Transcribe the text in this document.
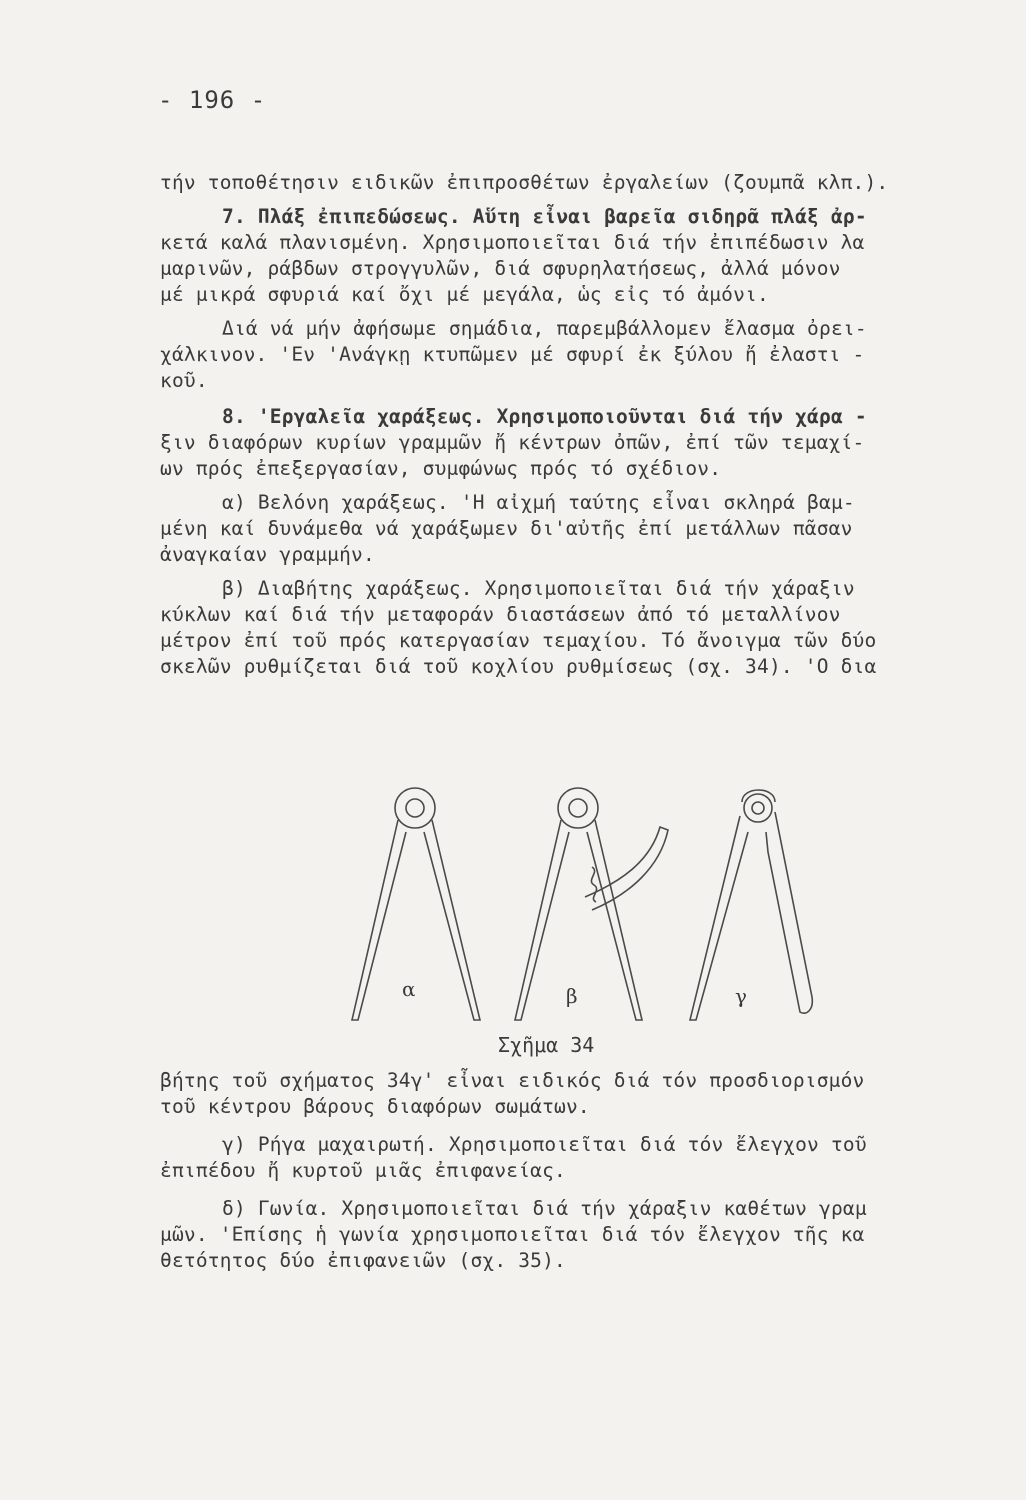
- 196 -
τήν τοποθέτησιν ειδικῶν ἐπιπροσθέτων ἐργαλείων (ζουμπᾶ κλπ.).
7. Πλάξ ἐπιπεδώσεως. Αὕτη εἶναι βαρεῖα σιδηρᾶ πλάξ ἀρ-
κετά καλά πλανισμένη. Χρησιμοποιεῖται διά τήν ἐπιπέδωσιν λα
μαρινῶν, ράβδων στρογγυλῶν, διά σφυρηλατήσεως, ἀλλά μόνον
μέ μικρά σφυριά καί ὄχι μέ μεγάλα, ὡς εἰς τό ἀμόνι.
Διά νά μήν ἀφήσωμε σημάδια, παρεμβάλλομεν ἔλασμα ὀρει-
χάλκινον. 'Εν 'Ανάγκῃ κτυπῶμεν μέ σφυρί ἐκ ξύλου ἤ ἐλαστι -
κοῦ.
8. 'Εργαλεῖα χαράξεως. Χρησιμοποιοῦνται διά τήν χάρα -
ξιν διαφόρων κυρίων γραμμῶν ἤ κέντρων ὀπῶν, ἐπί τῶν τεμαχί-
ων πρός ἐπεξεργασίαν, συμφώνως πρός τό σχέδιον.
α) Βελόνη χαράξεως. 'Η αἰχμή ταύτης εἶναι σκληρά βαμ-
μένη καί δυνάμεθα νά χαράξωμεν δι'αὐτῆς ἐπί μετάλλων πᾶσαν
ἀναγκαίαν γραμμήν.
β) Διαβήτης χαράξεως. Χρησιμοποιεῖται διά τήν χάραξιν
κύκλων καί διά τήν μεταφοράν διαστάσεων ἀπό τό μεταλλίνον
μέτρον ἐπί τοῦ πρός κατεργασίαν τεμαχίου. Τό ἄνοιγμα τῶν δύο
σκελῶν ρυθμίζεται διά τοῦ κοχλίου ρυθμίσεως (σχ. 34). 'Ο δια
α	β	γ
Σχῆμα 34
βήτης τοῦ σχήματος 34γ' εἶναι ειδικός διά τόν προσδιορισμόν
τοῦ κέντρου βάρους διαφόρων σωμάτων.
γ) Ρήγα μαχαιρωτή. Χρησιμοποιεῖται διά τόν ἔλεγχον τοῦ
ἐπιπέδου ἤ κυρτοῦ μιᾶς ἐπιφανείας.
δ) Γωνία. Χρησιμοποιεῖται διά τήν χάραξιν καθέτων γραμ
μῶν. 'Επίσης ἡ γωνία χρησιμοποιεῖται διά τόν ἔλεγχον τῆς κα
θετότητος δύο ἐπιφανειῶν (σχ. 35).
